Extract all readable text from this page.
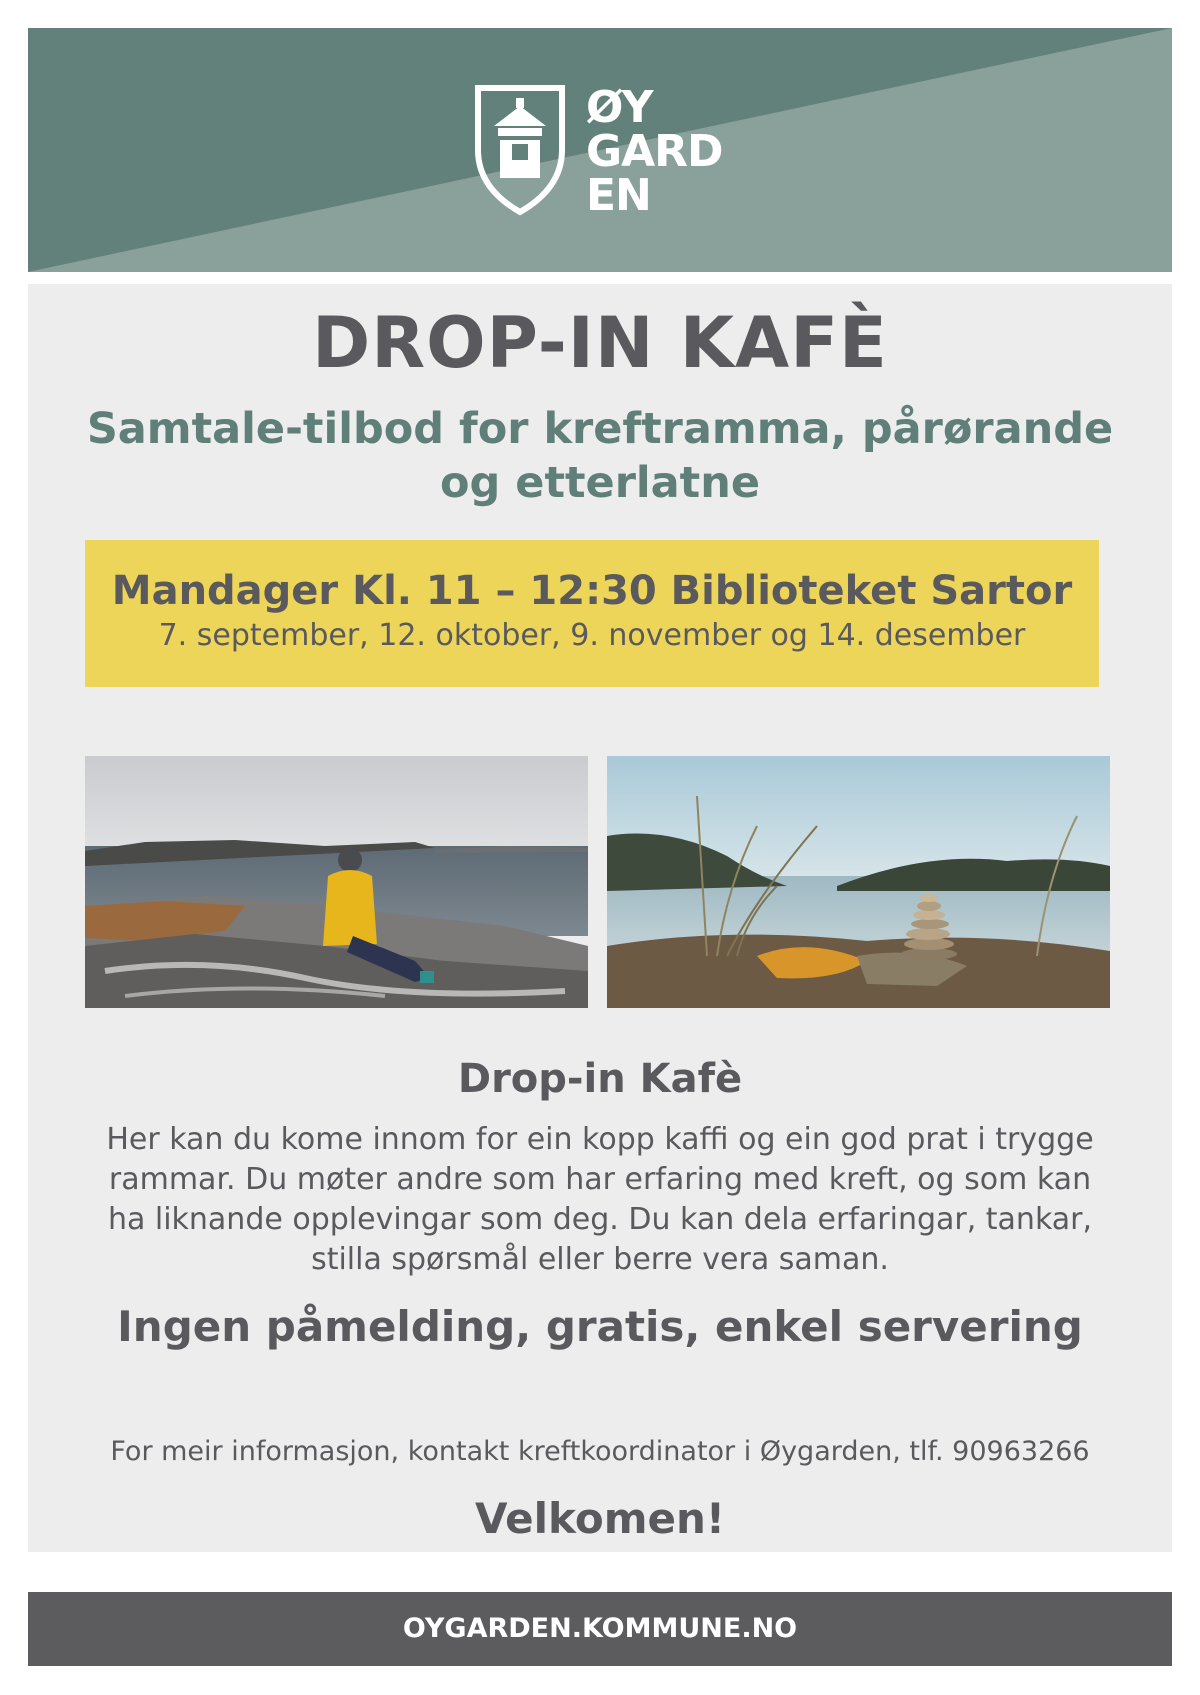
ØY
GARD
EN
DROP-IN KAFÈ
Samtale-tilbod for kreftramma, pårørande
og etterlatne
Mandager Kl. 11 – 12:30 Biblioteket Sartor
7. september, 12. oktober, 9. november og 14. desember
Drop-in Kafè
Her kan du kome innom for ein kopp kaffi og ein god prat i trygge
rammar. Du møter andre som har erfaring med kreft, og som kan
ha liknande opplevingar som deg. Du kan dela erfaringar, tankar,
stilla spørsmål eller berre vera saman.
Ingen påmelding, gratis, enkel servering
For meir informasjon, kontakt kreftkoordinator i Øygarden, tlf. 90963266
Velkomen!
OYGARDEN.KOMMUNE.NO
